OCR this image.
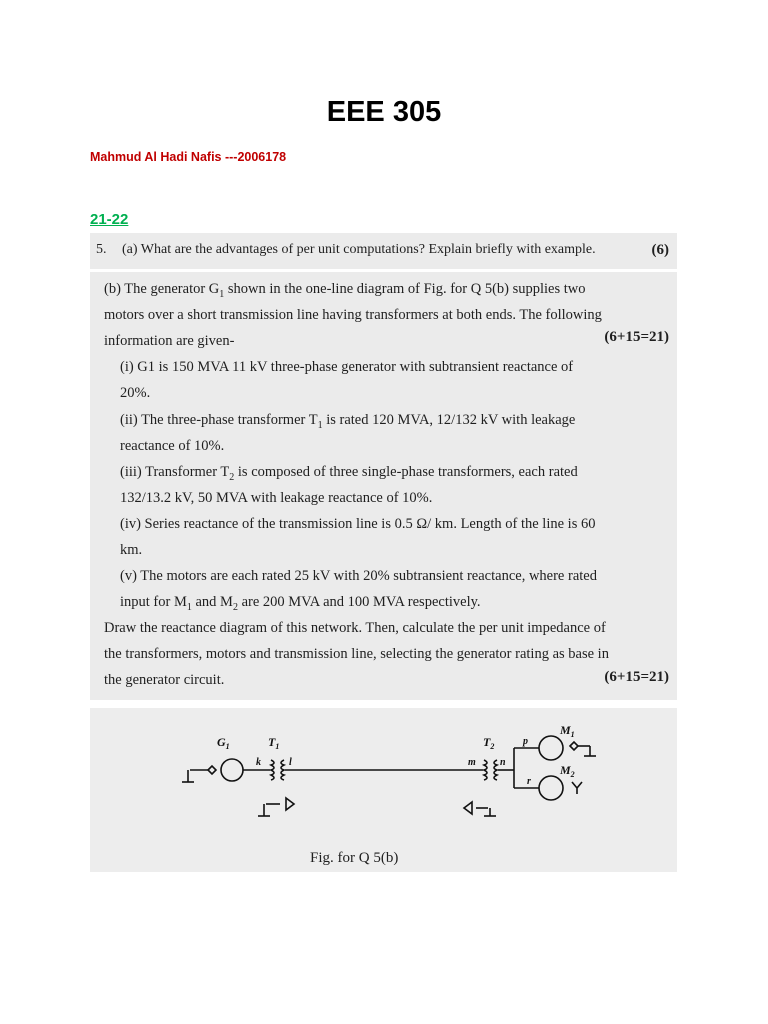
EEE 305
Mahmud Al Hadi Nafis ---2006178
21-22
5. (a) What are the advantages of per unit computations? Explain briefly with example.	(6)
(b) The generator $G_1$ shown in the one-line diagram of Fig. for Q 5(b) supplies two
motors over a short transmission line having transformers at both ends. The following
information are given-	(6+15=21)
(i) G1 is 150 MVA 11 kV three-phase generator with subtransient reactance of
20%.
(ii) The three-phase transformer $T_1$ is rated 120 MVA, 12/132 kV with leakage
reactance of 10%.
(iii) Transformer $T_2$ is composed of three single-phase transformers, each rated
132/13.2 kV, 50 MVA with leakage reactance of 10%.
(iv) Series reactance of the transmission line is 0.5 Ω/ km. Length of the line is 60
km.
(v) The motors are each rated 25 kV with 20% subtransient reactance, where rated
input for $M_1$ and $M_2$ are 200 MVA and 100 MVA respectively.
Draw the reactance diagram of this network. Then, calculate the per unit impedance of
the transformers, motors and transmission line, selecting the generator rating as base in
the generator circuit.	(6+15=21)
$G_1$	$T_1$	$T_2$
$M_1$
$M_2$
k	l	m n
p
r
Fig. for Q 5(b)
